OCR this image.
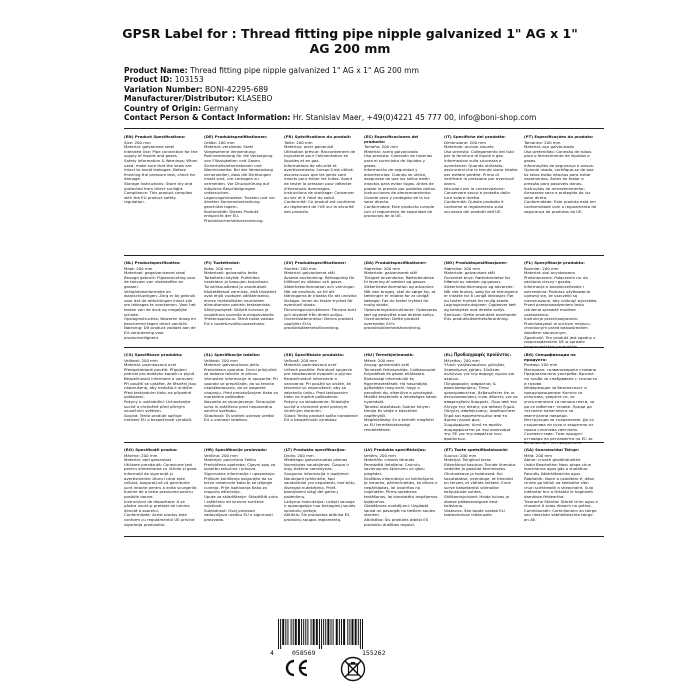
GPSR Label for : Thread fitting pipe nipple galvanized 1" AG x 1"
AG 200 mm
Product Name: Thread fitting pipe nipple galvanized 1" AG x 1" AG 200 mm
Product ID: 103153
Variation Number: BONI-42295-689
Manufacturer/Distributor: KLASEBO
Country of Origin: Germany
Contact Person & Contact Information: Hr. Stanislav Maer, +49(0)4221 45 777 00, info@boni-shop.com
(EN) Product Specifications:

Size: 200 mm
Material: galvanized steel
Intended Use: Pipe connection for the supply of liquids and gases.
Safety Information & Warnings: When used, make sure that the seals are intact to avoid leakages. Before finishing the pressure test, check for damage.
Storage Instructions: Store dry and protected from direct sunlight.
Compliance: This product complies with the EU product safety regulation.

(DE) Produktspezifikationen:

Größe: 200 mm
Material: verzinkter Stahl
Vorgesehene Verwendung: Rohrverbindung für die Versorgung von Flüssigkeiten und Gasen.
Sicherheitsinformationen und Warnhinweise: Bei der Verwendung sicherstellen, dass die Dichtungen intakt sind, um Leckagen zu vermeiden. Vor Druckprüfung auf mögliche Beschädigungen untersuchen.
Lagerungshinweise: Trocken und vor direkter Sonneneinstrahlung geschützt lagern.
Konformität: Dieses Produkt entspricht der EU-Produktsicherheitsverordnung.

(FR) Spécifications du produit:

Taille: 200 mm
Matériau: acier galvanisé
Utilisation prévue: Raccordement de tuyauterie pour l'alimentation en liquides et en gaz.
Informations de sécurité et avertissements: Lorsqu'il est utilisé, assurez-vous que les joints sont intacts pour éviter les fuites. Avant de tester la pression pour détecter d'éventuels dommages.
Instructions de stockage: Conserver au sec et à l'abri du soleil.
Conformité: Ce produit est conforme au règlement de l'UE sur la sécurité des produits.

(ES) Especificaciones del producto:

Tamaño: 200 mm
Material: acero galvanizado
Uso previsto: Conexión de tuberías para el suministro de líquidos y gases.
Información de seguridad y advertencias: Cuando se utilice, asegúrese de que los sellos estén intactos para evitar fugas. Antes de probar la presión por posibles daños.
Instrucciones de almacenamiento: Guarde seco y protegido de la luz solar directa.
Conformidad: Este producto cumple con el reglamento de seguridad de productos de la UE.

(IT) Specifiche del prodotto:

Dimensione: 200 mm
Materiale: acciaio zincato
Uso previsto: Collegamento dei tubi per la fornitura di liquidi e gas.
Informazioni sulla sicurezza e avvertenze: Quando utilizzato, assicurarsi che le tenute siano intatte per evitare perdite. Prima di verificare la pressione per eventuali danni.
Istruzioni per la conservazione: Conservare secco e protetto dalla luce solare diretta.
Conformità: Questo prodotto è conforme al regolamento sulla sicurezza dei prodotti dell'UE.

(PT) Especificações do produto:

Tamanho: 200 mm
Material: aço galvanizado
Uso pretendido: Conexão de tubos para o fornecimento de líquidos e gases.
Informações de segurança e avisos: Quando usado, certifique-se de que os selos estão intactos para evitar vazamentos. Antes de testar a pressão para possíveis danos.
Instruções de armazenamento: Armazene seco e protegido da luz solar direta.
Conformidade: Este produto está em conformidade com o regulamento de segurança de produtos da UE.

(NL) Productspecificaties:

Maat: 200 mm
Materiaal: gegalvaniseerd staal
Beoogd gebruik: Pijpaansluiting voor de toevoer van vloeistoffen en gassen.
Veiligheidsinformatie en waarschuwingen: Zorg er bij gebruik voor dat de afdichtingen intact zijn om lekkages te voorkomen. Voor het testen van de druk op mogelijke schade.
Opslaginstructies: Bewaren droog en beschermd tegen direct zonlicht.
Naleving: Dit product voldoet aan de EU-verordening voor productveiligheid.

(FI) Tuotetiedot:

Koko: 200 mm
Materiaali: galvanoitu teräs
Tarkoitettu käyttö: Putkiliitos nesteiden ja kaasujen tarjontaan.
Turvallisuustiedot ja varoitukset: Käytettäessä varmista, että tiivisteet ovat ehjiä vuotojen välttämiseksi, ennen mahdollisten vaurioiden aiheuttamien painein testaamista.
Säilytysohjeet: Säilytä kuivana ja suojattuna suoralta auringonvalolta.
Yhteensopivuus: Tämä tuote vastaa EU:n tuoteturvallisuusasetusta.

(SV) Produktspecifikationer:

Storlek: 200 mm
Material: galvaniserat stål
Avsedd användning: Rörkoppling för tillförsel av vätskor och gaser.
Säkerhetsinformation och varningar: När de används, se till att tätningarna är intakta för att undvika läckage. Innan du testar trycket för eventuell skada.
Förvaringsinstruktioner: Förvara torrt och skyddat från direkt solljus.
Överensstämmelse: Denna produkt uppfyller EU:s produktsäkerhetsförordning.

(DA) Produktspecifikationer:

Størrelse: 200 mm
Materiale: galvaniseret stål
Tilsigtet anvendelse: Rørforbindelse til levering af væsker og gasser.
Sikkerhedsinformation og advarsler: Når den bruges, skal du sørge for, at tætninger er intakte for at undgå lækager. Før du tester trykket for mulig skade.
Opbevaringsinstruktioner: Opbevares tørt og beskyttet mod direkte sollys.
Overholdelse: Dette produkt overholder EU's produktsikkerhedsforordning.

(NO) Produktspesifikasjoner:

Størrelse: 200 mm
Materiale: galvanisert stål
Forventet bruk: Rørforbindelse for tilførsel av væsker og gasser.
Sikkerhetsinformasjon og advarsler: Når det brukes, sørg for at tetningene er intakte for å unngå lekkasjer. Før du tester trykket for mulig skade.
Lagringsinstruksjoner: Oppbevar tørt og beskyttet mot direkte sollys.
Samsvar: Dette produktet overholder EUs produktsikkerhetsforordning.

(PL) Specyfikacje produktu:

Rozmiar: 200 mm
Materiał: stal ocynkowana
Przeznaczenie: Połączenie rur do zasilania cieczy i gazów.
Informacje o bezpieczeństwie i ostrzeżenia: Podczas użytkowania upewnij się, że uszczelki są nienaruszone, aby uniknąć wycieków. Przed przeprowadzeniem testu ciśnienia sprawdź możliwe uszkodzenia.
Instrukcje przechowywania: Przechowywać w suchym miejscu, chronionym przed bezpośrednim światłem słonecznym.
Zgodność: Ten produkt jest zgodny z rozporządzeniem UE w sprawie bezpieczeństwa produktów.

(CS) Specifikace produktu:

Velikost: 200 mm
Materiál: pozinkovaná ocel
Předpokládané použití: Připojení potrubí pro dodávku kapalin a plynů.
Bezpečnostní informace a varování: Při použití se ujistěte, že těsnění jsou neporušená, aby nedošlo k únikům. Před testováním tlaku na případné poškození.
Pokyny k uskladnění: Uchovávejte suché a chráněné před přímým slunečním světlem.
Soulad: Tento produkt splňuje nařízení EU o bezpečnosti výrobků.

(SL) Specifikacije izdelka:

Velikost: 200 mm
Material: galvanizirano jeklo
Predvidena uporaba: Cevni priključek za dobavo tekočin in plinov.
Varnostne informacije in opozorila: Pri uporabi se prepričajte, da so tesnila nepoškodovana, da se izognete uhajanju. Pred preizkušanjem tlaka za morebitne poškodbe.
Navodila za shranjevanje: Shranjujte suho in zaščiteno pred neposredno sončno svetlobo.
Skladnost: Ta izdelek ustreza uredbi EU o varnosti izdelkov.

(SK) Špecifikácie produktu:

Veľkosť: 200 mm
Materiál: pozinkovaná oceľ
Určené použitie: Potrubné spojenie pre zásobovanie kvapalín a plynov.
Bezpečnostné informácie a varovania: Pri použití sa uistite, že tesnenia sú neporušené, aby sa zabránilo úniku. Pred testovaním tlaku na možné poškodenie.
Pokyny na skladovanie: Skladujte suché a chránené pred priamym slnečným žiarením.
Súlad: Tento produkt spĺňa nariadenie EÚ o bezpečnosti výrobkov.

(HU) Termékjellemzők:

Méret: 200 mm
Anyag: galvanizált acél
Tervezett felhasználás: Csőkapcsolat folyadékok és gázok ellátására.
Biztonsági információk és figyelmeztetések: Ha használják, győződjön meg arról, hogy a pecsétek ép, elkerülve a szivárgást. Mielőtt tesztelnék a lehetséges károk nyomását.
Tárolási utasítások: Száraz helyen tárolja és védje a közvetlen napfénytől.
Megfelelőség: Ez a termék megfelel az EU termékbiztonsági rendeletének.

(EL) Προδιαγραφές προϊόντος:

Μέγεθος: 200 mm
Υλικό: γαλβανισμένος χάλυβας
Σκοπούμενη χρήση: Σύνδεση σωλήνων για την παροχή υγρών και αερίων.
Πληροφορίες ασφάλειας & προειδοποιήσεις: Όταν χρησιμοποιείται, βεβαιωθείτε ότι οι στεγανοποιήσεις είναι άθικτες για να αποφευχθούν διαρροές. Πριν από τον έλεγχο της πίεσης για πιθανή ζημιά.
Οδηγίες αποθήκευσης: Αποθηκεύστε ξηρό και προστατευμένο από το άμεσο ηλιακό φως.
Συμμόρφωση: Αυτό το προϊόν συμμορφώνεται με τον κανονισμό της ΕΕ για την ασφάλεια των προϊόντων.

(BG) Спецификации на продукта:

Размер: 200 mm
Материал: галванизирана стомана
Предназначена употреба: Връзка на тръби за снабдяване с течности и газове.
Информация за безопасност и предупреждения: Когато се използва, уверете се, че уплътненията са непокътнати, за да се избегнат течове. Преди да тествате налягането за евентуални повреди.
Инструкции за съхранение: Да се съхранява на сухо и защитено от пряка слънчева светлина.
Съответствие: Този продукт отговаря на регламента на ЕС за безопасност на продуктите.

(RO) Specificații produs:

Mărime: 200 mm
Material: oțel galvanizat
Utilizare prevăzută: Conexiune țevi pentru alimentarea cu lichide și gaze.
Informații de siguranță și avertismente: Atunci când este utilizat, asigurați-vă că garniturile sunt intacte pentru a evita scurgerile. Înainte de a testa presiunea pentru posibile daune.
Instrucțiuni de depozitare: A se păstra uscat și protejat de lumina directă a soarelui.
Conformitate: Acest produs este conform cu regulamentul UE privind siguranța produselor.

(HR) Specifikacije proizvoda:

Veličina: 200 mm
Materijal: pocinčana čelika
Predviđena upotreba: Cijevni spoj za opskrbu tekućina i plinova.
Sigurnosne informacije i upozorenja: Prilikom korištenja osigurajte da su brtve netaknute kako bi se izbjegle curenja. Prije ispitivanja tlaka za moguća oštećenja.
Upute za skladištenje: Skladištiti suho i zaštićeno od izravne sunčeve svjetlosti.
Sukladnost: Ovaj proizvod zadovoljava uredbu EU o sigurnosti proizvoda.

(LT) Produkto specifikacijos:

Dydis: 200 mm
Medžiaga: galvanizuotas plienas
Numatytas naudojimas: Čiaupo ir dujų tiekimo vamzdynas.
Saugumo informacija ir įspėjimai: Naudojant įsitikinkite, kad sandarikliai yra nepažeisti, kad būtų išvengta nutekėjimo. Prieš bandydami slėgį dėl galimų pažeidimų.
Laikymo instrukcijos: Laikyti sausoje ir apsaugotoje nuo tiesioginių saulės spindulių vietoje.
Atitiktis: Šis produktas atitinka ES produktų saugos reglamentą.

(LV) Produkta specifikācijas:

Izmērs: 200 mm
Materiāls: cinkots tērauds
Paredzētā lietošana: Caurulu savienojums šķidrumu un gāzu piegādei.
Drošības informācija un brīdinājumi: Ja izmanto, pārliecinieties, ka blīves ir nepārkāptas, lai izvairītos no noplūdēm. Pirms spiediena testēšanas, lai konstatētu iespējamos bojājumus.
Glabāšanas norādījumi: Uzglabāt sausā un pasargāt no tiešiem saules stariem.
Atbilstība: Šis produkts atbilst ES produktu drošības regulai.

(ET) Toote spetsifikatsioonid:

Suurus: 200 mm
Materjal: Tsingitud teras
Ettenähtud kasutus: Torude ühendus vedelike ja gaaside tarnimiseks.
Ohutusteave ja hoiatused: Kui kasutatakse, veenduge, et tihendid on terved, et vältida lekkeid. Enne surve katsetamist võimalike kahjustuste suhtes.
Säilitamisjuhised: Hoida kuivas ja otsese päikesevalguse eest kaitstuna.
Vastavus: See toode vastab ELi tooteohutuse määrusele.

(GA) Sonraíochtaí Táirge:

Méid: 200 mm
Ábhar: cruach ghalbhánaithe
Úsáid Beartaithe: Nasc píopa chun leachtanna agus gás a sholáthar.
Faisnéis Sábháilteachta agus Rabhaidh: Nuair a úsáidtear é, déan cinnte go bhfuil na séalaithe slán chun sceitheadh a sheachaint. Sula ndéantar brú a thástáil le haghaidh damáiste féideartha.
Treoracha Stórála: Stóráil tirim agus a chosaint ó solas díreach na gréine.
Comhlíonadh: Comhlíonann an táirge seo rialachán sábháilteachta táirge an AE.

4	058569	155262
